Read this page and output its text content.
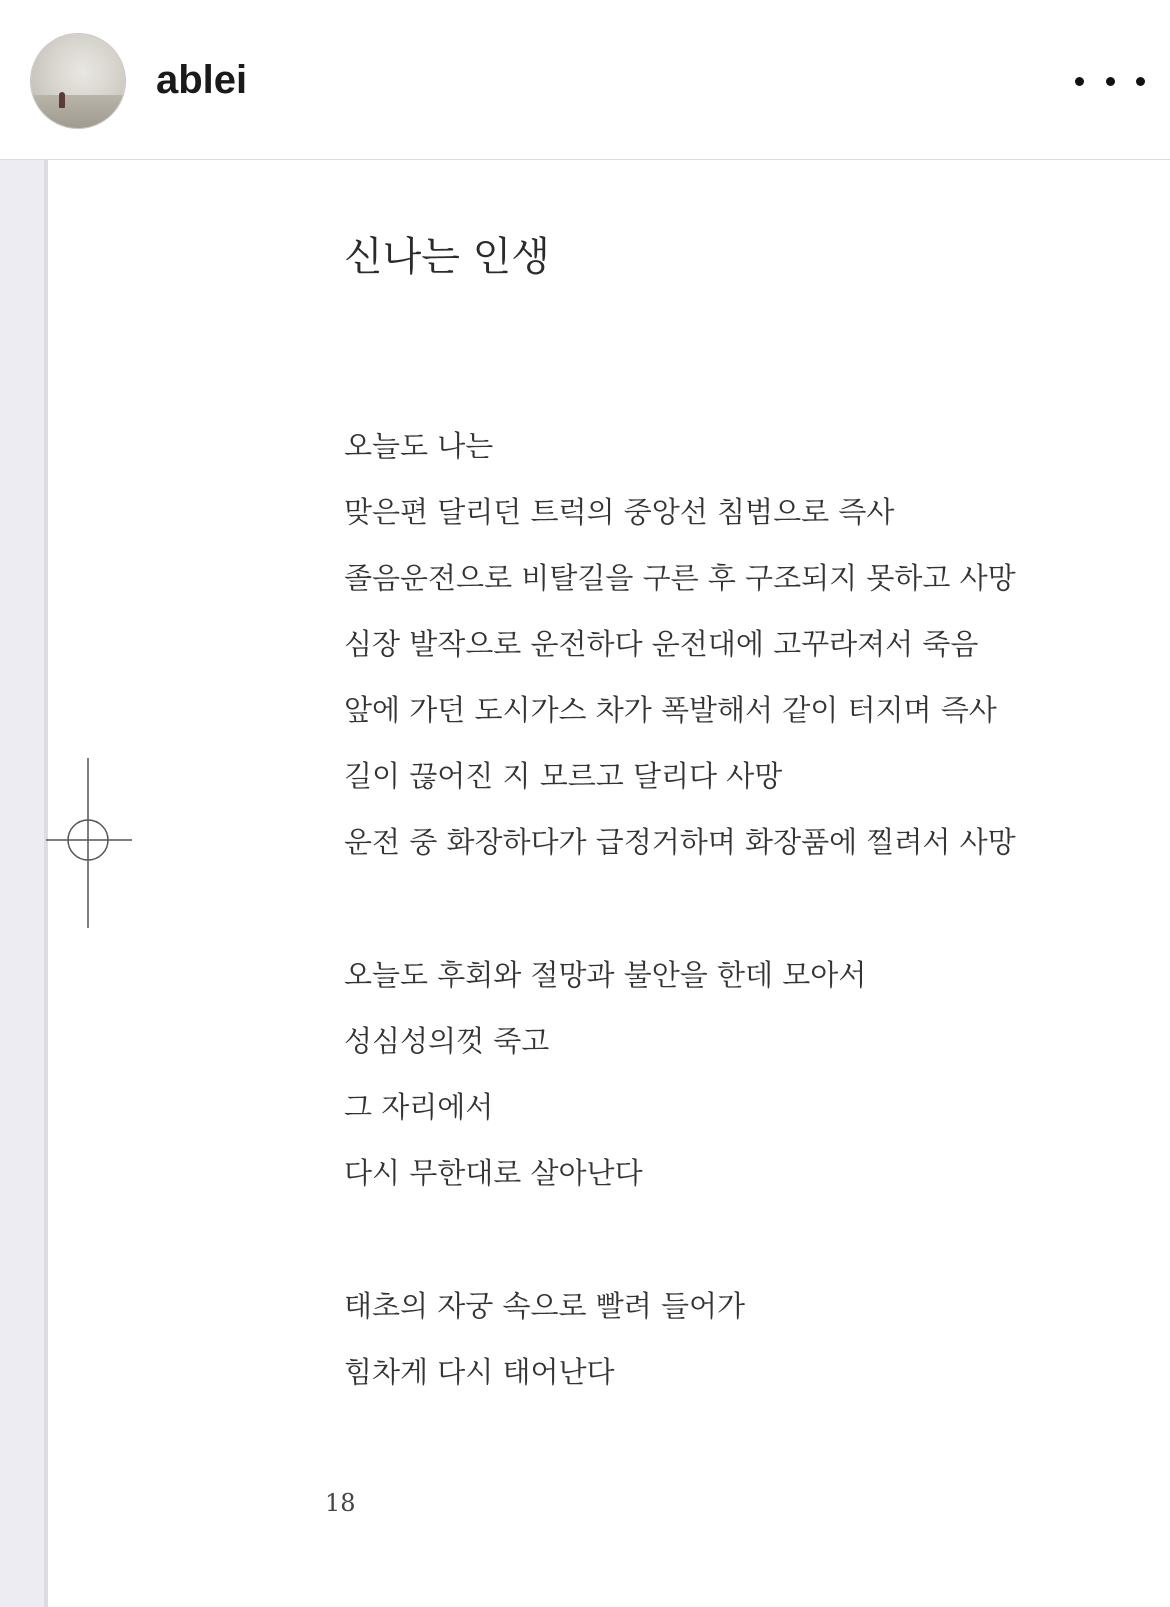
ablei
신나는 인생
오늘도 나는
맞은편 달리던 트럭의 중앙선 침범으로 즉사
졸음운전으로 비탈길을 구른 후 구조되지 못하고 사망
심장 발작으로 운전하다 운전대에 고꾸라져서 죽음
앞에 가던 도시가스 차가 폭발해서 같이 터지며 즉사
길이 끊어진 지 모르고 달리다 사망
운전 중 화장하다가 급정거하며 화장품에 찔려서 사망
오늘도 후회와 절망과 불안을 한데 모아서
성심성의껏 죽고
그 자리에서
다시 무한대로 살아난다
태초의 자궁 속으로 빨려 들어가
힘차게 다시 태어난다
18
